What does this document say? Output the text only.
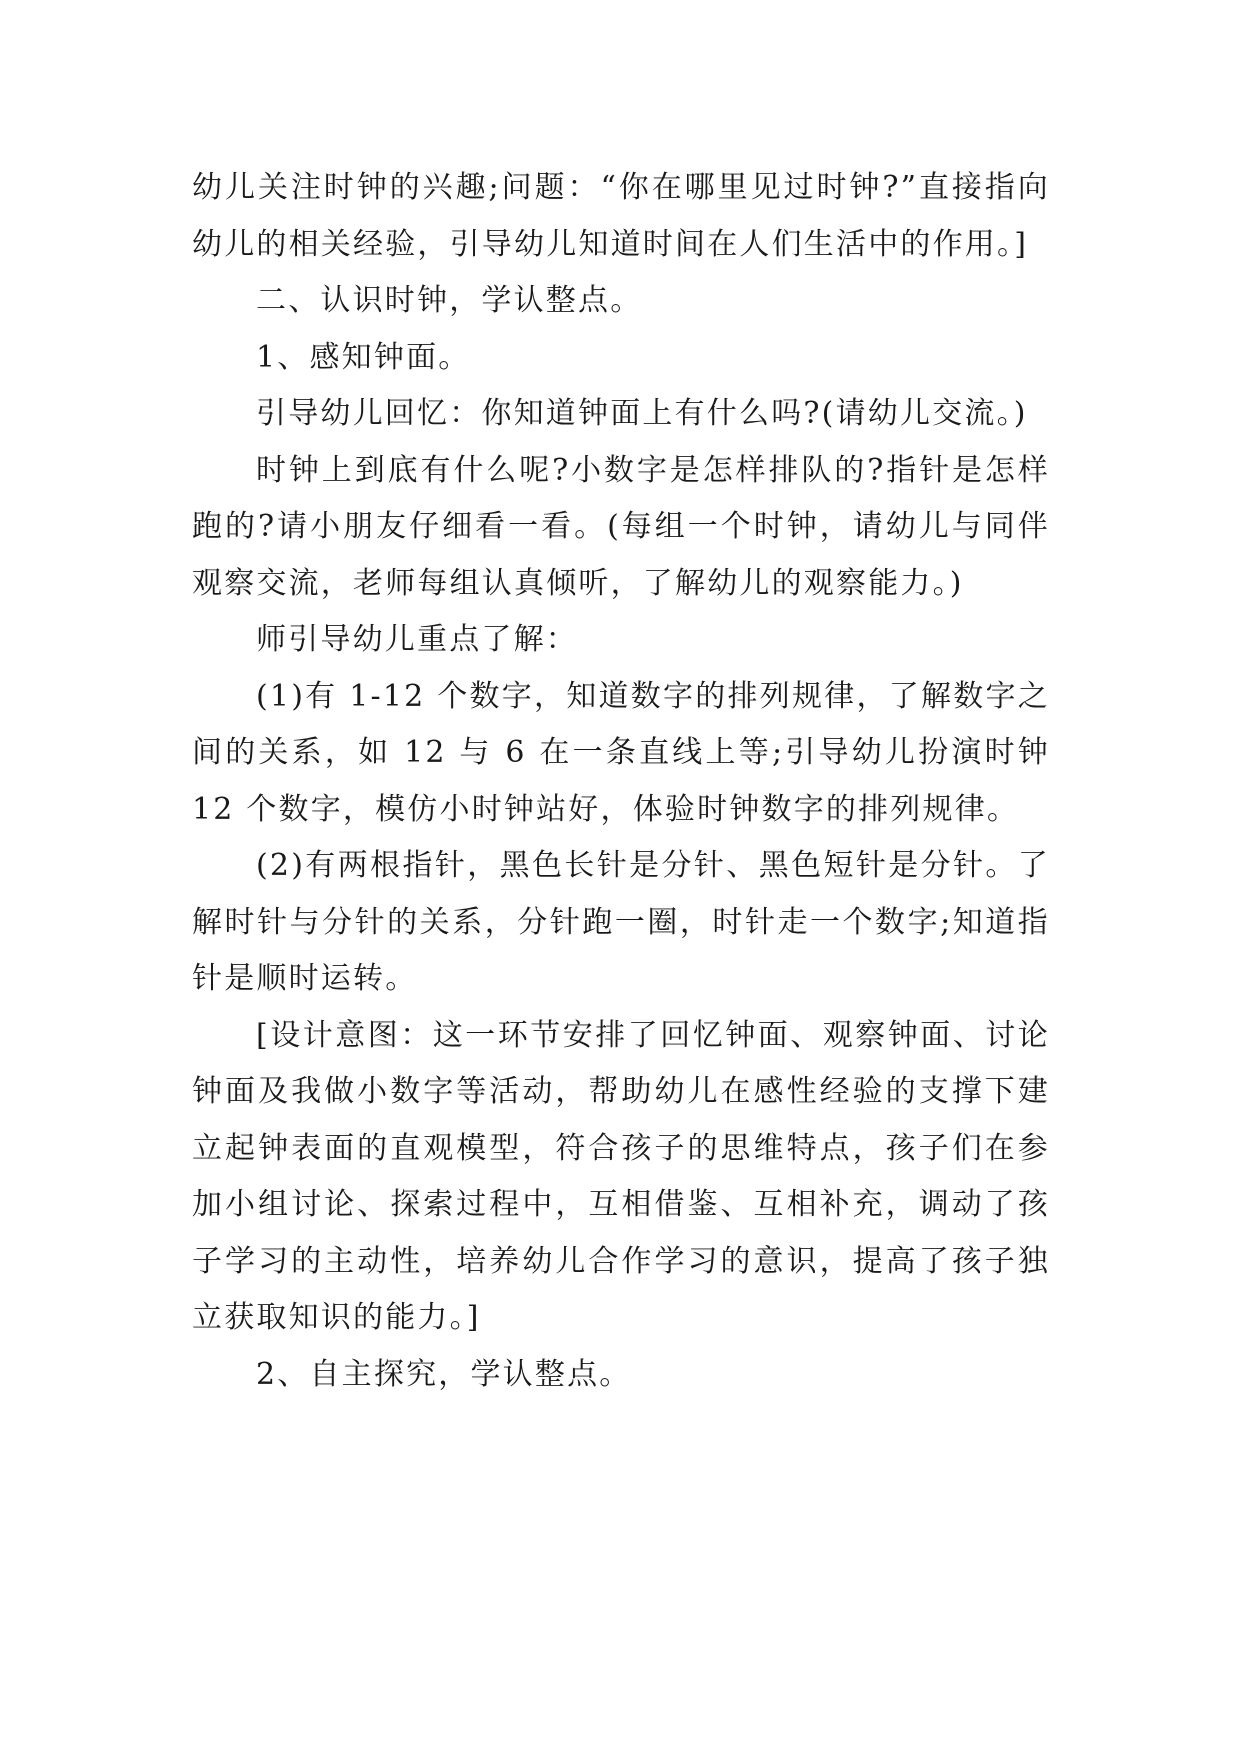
幼儿关注时钟的兴趣;问题：“你在哪里见过时钟?”直接指向幼儿的相关经验，引导幼儿知道时间在人们生活中的作用。]

二、认识时钟，学认整点。

1、感知钟面。

引导幼儿回忆：你知道钟面上有什么吗?(请幼儿交流。)

时钟上到底有什么呢?小数字是怎样排队的?指针是怎样跑的?请小朋友仔细看一看。(每组一个时钟，请幼儿与同伴观察交流，老师每组认真倾听，了解幼儿的观察能力。)

师引导幼儿重点了解：

(1)有 1-12 个数字，知道数字的排列规律，了解数字之间的关系，如 12 与 6 在一条直线上等;引导幼儿扮演时钟 12 个数字，模仿小时钟站好，体验时钟数字的排列规律。

(2)有两根指针，黑色长针是分针、黑色短针是分针。了解时针与分针的关系，分针跑一圈，时针走一个数字;知道指针是顺时运转。

[设计意图：这一环节安排了回忆钟面、观察钟面、讨论钟面及我做小数字等活动，帮助幼儿在感性经验的支撑下建立起钟表面的直观模型，符合孩子的思维特点，孩子们在参加小组讨论、探索过程中，互相借鉴、互相补充，调动了孩子学习的主动性，培养幼儿合作学习的意识，提高了孩子独立获取知识的能力。]

2、自主探究，学认整点。
